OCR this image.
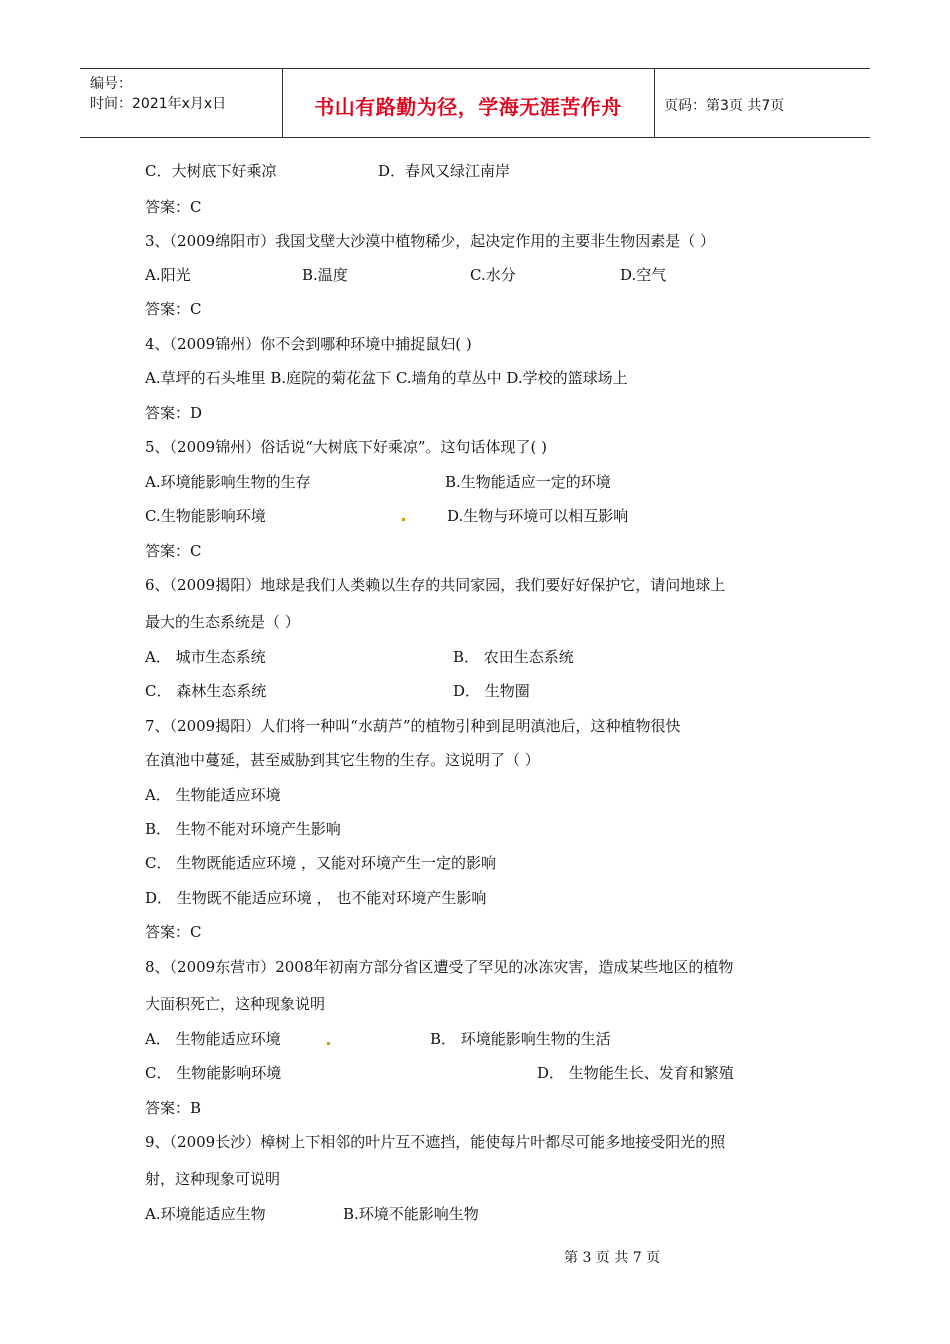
编号：
时间：2021年x月x日	书山有路勤为径，学海无涯苦作舟	页码：第3页 共7页
C．大树底下好乘凉	D．春风又绿江南岸
答案：C
3、（2009绵阳市）我国戈壁大沙漠中植物稀少，起决定作用的主要非生物因素是（ ）
A.阳光	B.温度	C.水分	D.空气
答案：C
4、（2009锦州）你不会到哪种环境中捕捉鼠妇( )
A.草坪的石头堆里 B.庭院的菊花盆下 C.墙角的草丛中 D.学校的篮球场上
答案：D
5、（2009锦州）俗话说“大树底下好乘凉”。这句话体现了( )
A.环境能影响生物的生存	B.生物能适应一定的环境
C.生物能影响环境	D.生物与环境可以相互影响
答案：C
6、（2009揭阳）地球是我们人类赖以生存的共同家园，我们要好好保护它，请问地球上
最大的生态系统是（ ）
A． 城市生态系统	B． 农田生态系统
C． 森林生态系统	D． 生物圈
7、（2009揭阳）人们将一种叫“水葫芦”的植物引种到昆明滇池后，这种植物很快
在滇池中蔓延，甚至威胁到其它生物的生存。这说明了（ ）
A． 生物能适应环境
B． 生物不能对环境产生影响
C． 生物既能适应环境 ，又能对环境产生一定的影响
D． 生物既不能适应环境 ， 也不能对环境产生影响
答案：C
8、（2009东营市）2008年初南方部分省区遭受了罕见的冰冻灾害，造成某些地区的植物
大面积死亡，这种现象说明
A． 生物能适应环境	B． 环境能影响生物的生活
C． 生物能影响环境	D． 生物能生长、发育和繁殖
答案：B
9、（2009长沙）樟树上下相邻的叶片互不遮挡，能使每片叶都尽可能多地接受阳光的照
射，这种现象可说明
A.环境能适应生物	B.环境不能影响生物
第 3 页 共 7 页
